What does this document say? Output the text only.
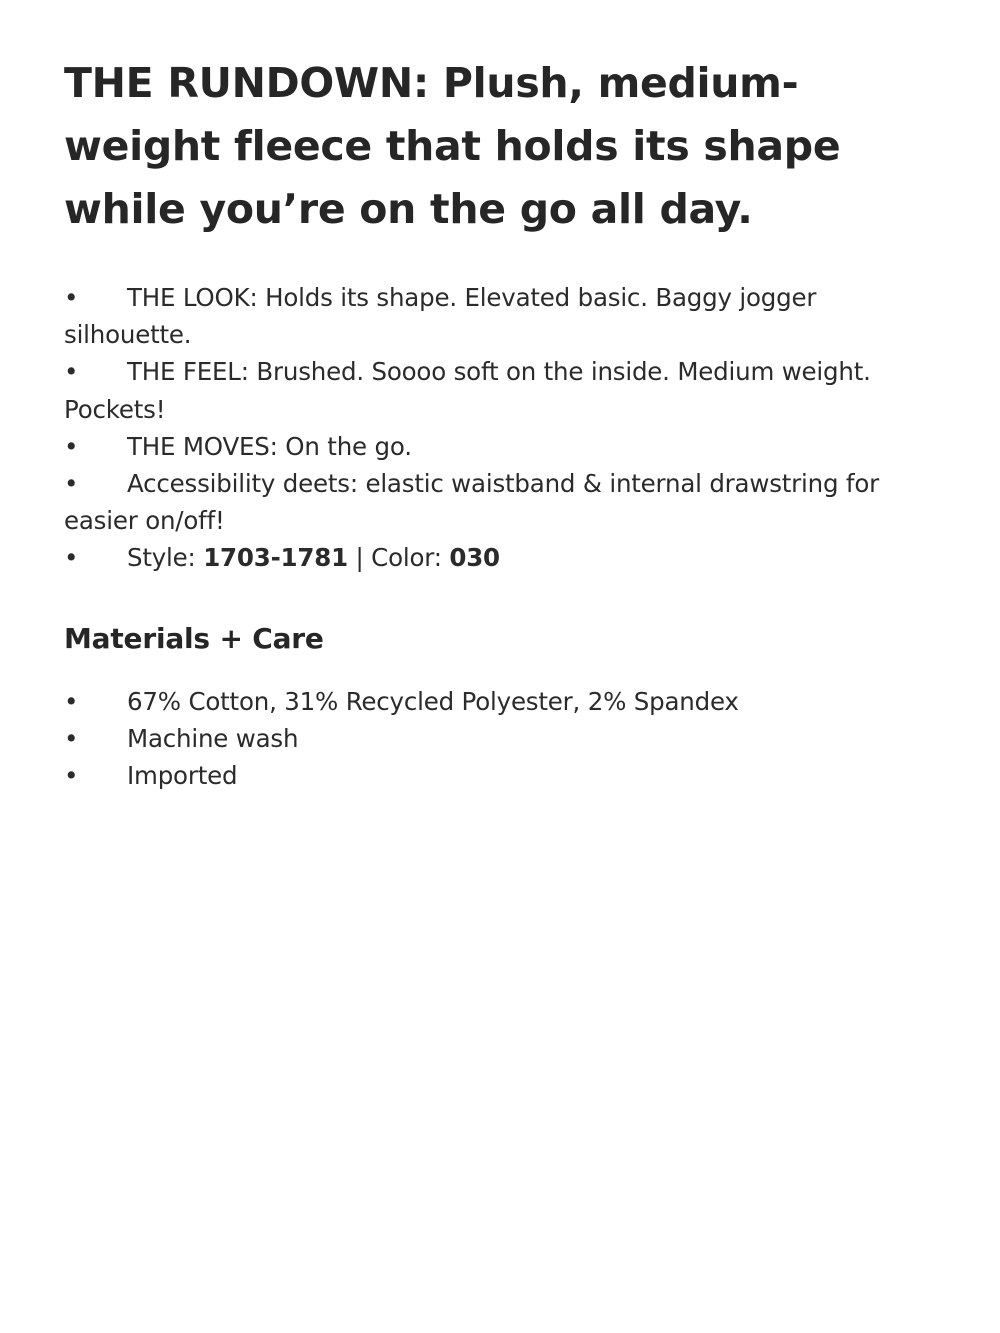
THE RUNDOWN: Plush, medium-weight fleece that holds its shape while you’re on the go all day.
• THE LOOK: Holds its shape. Elevated basic. Baggy jogger silhouette.
• THE FEEL: Brushed. Soooo soft on the inside. Medium weight. Pockets!
• THE MOVES: On the go.
• Accessibility deets: elastic waistband & internal drawstring for easier on/off!
• Style: 1703-1781 | Color: 030
Materials + Care
• 67% Cotton, 31% Recycled Polyester, 2% Spandex
• Machine wash
• Imported
